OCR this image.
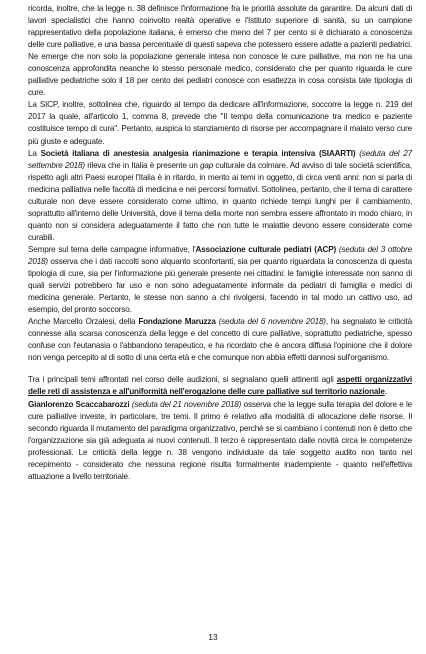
ricorda, inoltre, che la legge n. 38 definisce l'informazione fra le priorità assolute da garantire. Da alcuni dati di lavori specialistici che hanno coinvolto realtà operative e l'Istituto superiore di sanità, su un campione rappresentativo della popolazione italiana, è emerso che meno del 7 per cento si è dichiarato a conoscenza delle cure palliative, e una bassa percentuale di questi sapeva che potessero essere adatte a pazienti pediatrici. Ne emerge che non solo la popolazione generale intesa non conosce le cure palliative, ma non ne ha una conoscenza approfondita neanche lo stesso personale medico, considerato che per quanto riguarda le cure palliative pediatriche solo il 18 per cento dei pediatri conosce con esattezza in cosa consista tale tipologia di cure.

La SICP, inoltre, sottolinea che, riguardo al tempo da dedicare all'informazione, soccorre la legge n. 219 del 2017 la quale, all'articolo 1, comma 8, prevede che "Il tempo della comunicazione tra medico e paziente costituisce tempo di cura". Pertanto, auspica lo stanziamento di risorse per accompagnare il malato verso cure più giuste e adeguate.

La Società italiana di anestesia analgesia rianimazione e terapia intensiva (SIAARTI) (seduta del 27 settembre 2018) rileva che in Italia è presente un gap culturale da colmare. Ad avviso di tale società scientifica, rispetto agli altri Paesi europei l'Italia è in ritardo, in merito ai temi in oggetto, di circa venti anni: non si parla di medicina palliativa nelle facoltà di medicina e nei percorsi formativi. Sottolinea, pertanto, che il tema di carattere culturale non deve essere considerato come ultimo, in quanto richiede tempi lunghi per il cambiamento, soprattutto all'interno delle Università, dove il tema della morte non sembra essere affrontato in modo chiaro, in quanto non si considera adeguatamente il fatto che non tutte le malattie devono essere considerate come curabili.

Sempre sul tema delle campagne informative, l'Associazione culturale pediatri (ACP) (seduta del 3 ottobre 2018) osserva che i dati raccolti sono alquanto sconfortanti, sia per quanto riguardata la conoscenza di questa tipologia di cure, sia per l'informazione più generale presente nei cittadini: le famiglie interessate non sanno di quali servizi potrebbero far uso e non sono adeguatamente informate da pediatri di famiglia e medici di medicina generale. Pertanto, le stesse non sanno a chi rivolgersi, facendo in tal modo un cattivo uso, ad esempio, del pronto soccorso.

Anche Marcello Orzalesi, della Fondazione Maruzza (seduta del 6 novembre 2018), ha segnalato le criticità connesse alla scarsa conoscenza della legge e del concetto di cure palliative, soprattutto pediatriche, spesso confuse con l'eutanasia o l'abbandono terapeutico, e ha ricordato che è ancora diffusa l'opinione che il dolore non venga percepito al di sotto di una certa età e che comunque non abbia effetti dannosi sull'organismo.

Tra i principali temi affrontati nel corso delle audizioni, si segnalano quelli attinenti agli aspetti organizzativi delle reti di assistenza e all'uniformità nell'erogazione delle cure palliative sul territorio nazionale.

Gianlorenzo Scaccabarozzi (seduta del 21 novembre 2018) osserva che la legge sulla terapia del dolore e le cure palliative investe, in particolare, tre temi. Il primo è relativo alla modalità di allocazione delle risorse. Il secondo riguarda il mutamento del paradigma organizzativo, perché se si cambiano i contenuti non è detto che l'organizzazione sia già adeguata ai nuovi contenuti. Il terzo è rappresentato dalle novità circa le competenze professionali. Le criticità della legge n. 38 vengono individuate da tale soggetto audito non tanto nel recepimento - considerato che nessuna regione risulta formalmente inadempiente - quanto nell'effettiva attuazione a livello territoriale.

13
